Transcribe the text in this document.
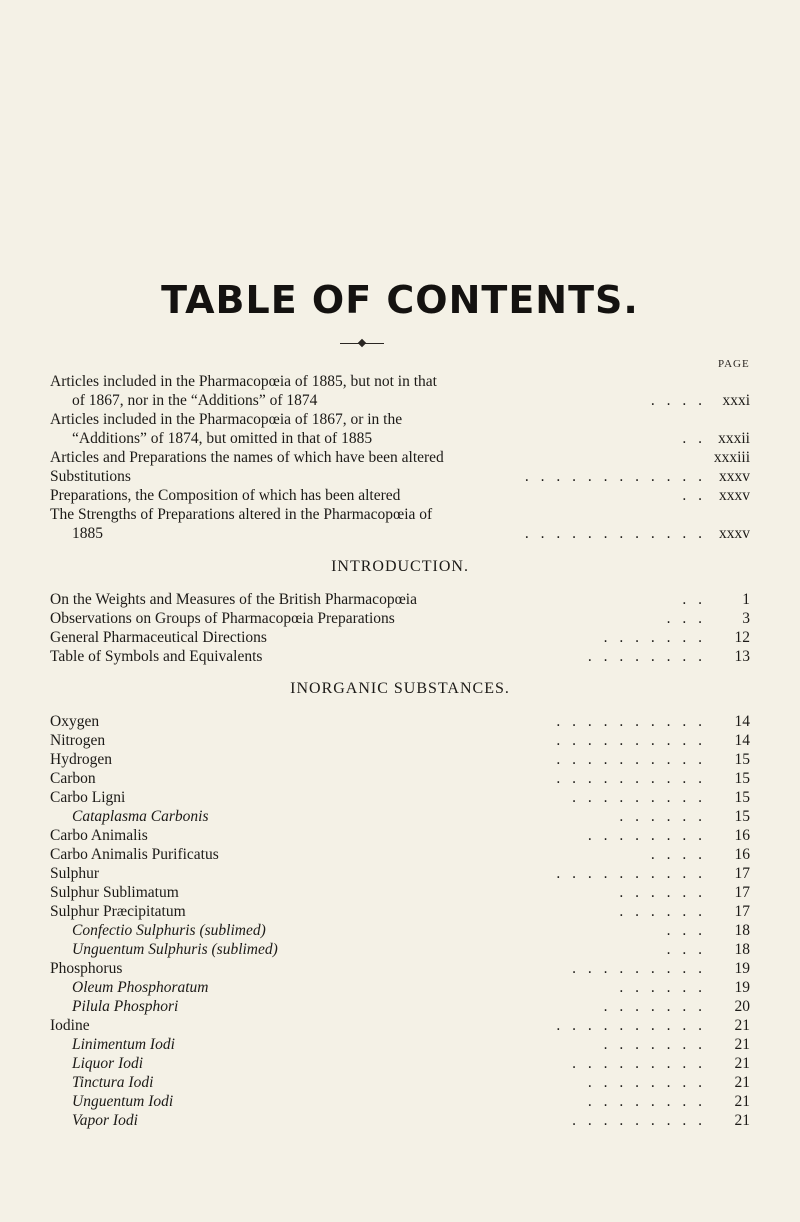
TABLE OF CONTENTS.
PAGE
Articles included in the Pharmacopœia of 1885, but not in that
of 1867, nor in the “Additions” of 1874	. . . .	xxxi
Articles included in the Pharmacopœia of 1867, or in the
“Additions” of 1874, but omitted in that of 1885	. . xxxii
Articles and Preparations the names of which have been altered	xxxiii
Substitutions	. . . . . . . . . . . . xxxv
Preparations, the Composition of which has been altered	. . xxxv
The Strengths of Preparations altered in the Pharmacopœia of
1885	. . . . . . . . . . . . xxxv
INTRODUCTION.
On the Weights and Measures of the British Pharmacopœia	. .	1
Observations on Groups of Pharmacopœia Preparations	. . .	3
General Pharmaceutical Directions	. . . . . . .	12
Table of Symbols and Equivalents	. . . . . . . .	13
INORGANIC SUBSTANCES.
Oxygen	. . . . . . . . . .	14
Nitrogen	. . . . . . . . . .	14
Hydrogen	. . . . . . . . . .	15
Carbon	. . . . . . . . . .	15
Carbo Ligni	. . . . . . . . .	15
Cataplasma Carbonis	. . . . . .	15
Carbo Animalis	. . . . . . . .	16
Carbo Animalis Purificatus	. . . .	16
Sulphur	. . . . . . . . . .	17
Sulphur Sublimatum	. . . . . .	17
Sulphur Præcipitatum	. . . . . .	17
Confectio Sulphuris (sublimed)	. . .	18
Unguentum Sulphuris (sublimed)	. . .	18
Phosphorus	. . . . . . . . .	19
Oleum Phosphoratum	. . . . . .	19
Pilula Phosphori	. . . . . . .	20
Iodine	. . . . . . . . . .	21
Linimentum Iodi	. . . . . . .	21
Liquor Iodi	. . . . . . . . .	21
Tinctura Iodi	. . . . . . . .	21
Unguentum Iodi	. . . . . . . .	21
Vapor Iodi	. . . . . . . . .	21
